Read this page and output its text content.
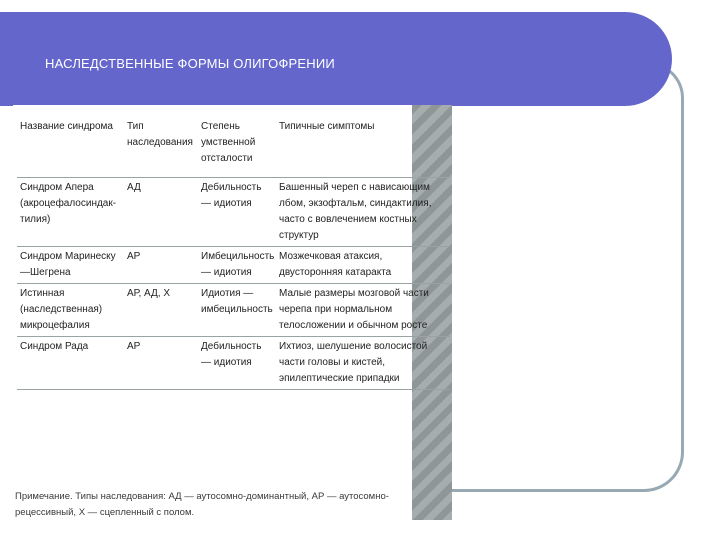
НАСЛЕДСТВЕННЫЕ ФОРМЫ ОЛИГОФРЕНИИ
Название синдрома	Тип наследования	Степень умственной отсталости	Типичные симптомы
Синдром Апера (акроцефалосиндак-тилия)	АД	Дебильность — идиотия	Башенный череп с нависающим лбом, экзофтальм, синдактилия, часто с вовлечением костных структур
Синдром Маринеску —Шегрена	АР	Имбецильность — идиотия	Мозжечковая атаксия, двусторонняя катаракта
Истинная (наследственная) микроцефалия	АР, АД, Х	Идиотия — имбецильность	Малые размеры мозговой части черепа при нормальном телосложении и обычном росте
Синдром Рада	АР	Дебильность — идиотия	Ихтиоз, шелушение волосистой части головы и кистей, эпилептические припадки
Примечание. Типы наследования: АД — аутосомно-доминантный, АР — аутосомно-рецессивный, Х — сцепленный с полом.
